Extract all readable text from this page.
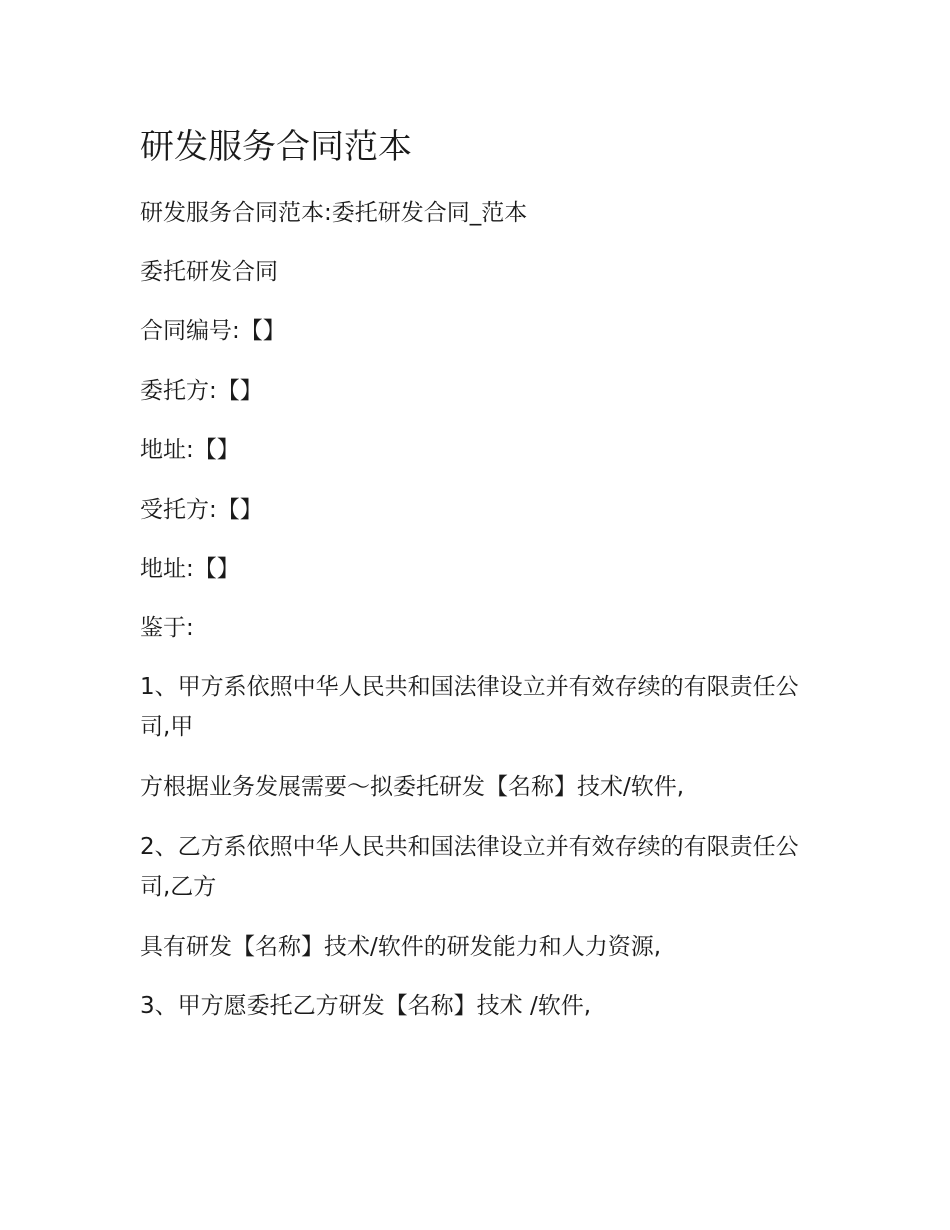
研发服务合同范本

研发服务合同范本:委托研发合同_范本

委托研发合同

合同编号:【】

委托方:【】

地址:【】

受托方:【】

地址:【】

鉴于:

1、甲方系依照中华人民共和国法律设立并有效存续的有限责任公司,甲

方根据业务发展需要～拟委托研发【名称】技术/软件,

2、乙方系依照中华人民共和国法律设立并有效存续的有限责任公司,乙方

具有研发【名称】技术/软件的研发能力和人力资源,

3、甲方愿委托乙方研发【名称】技术 /软件,
